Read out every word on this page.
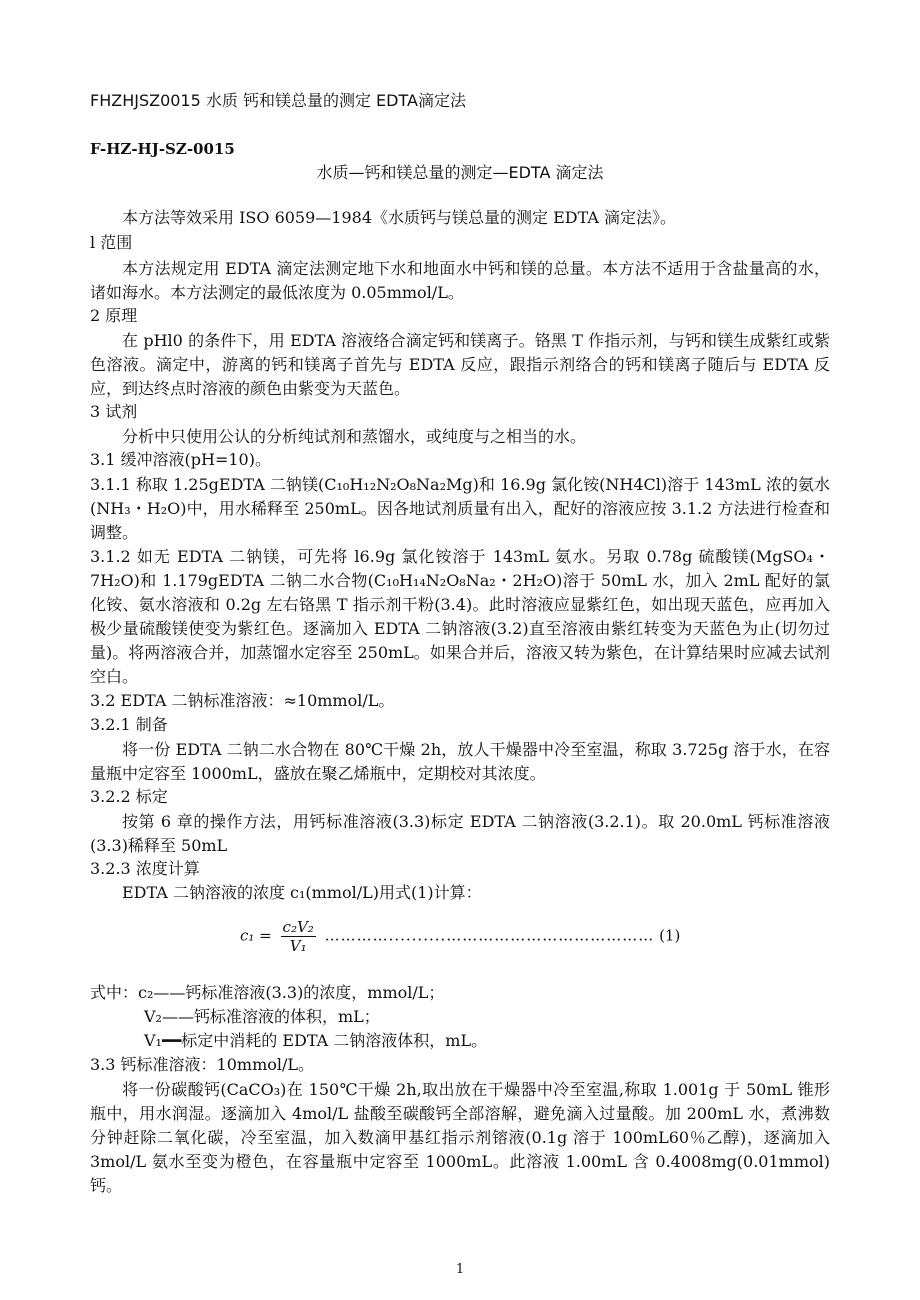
FHZHJSZ0015 水质 钙和镁总量的测定 EDTA滴定法
F-HZ-HJ-SZ-0015
水质—钙和镁总量的测定—EDTA 滴定法
本方法等效采用 ISO 6059—1984《水质钙与镁总量的测定 EDTA 滴定法》。
l 范围
本方法规定用 EDTA 滴定法测定地下水和地面水中钙和镁的总量。本方法不适用于含盐量高的水，诸如海水。本方法测定的最低浓度为 0.05mmol/L。
2 原理
在 pHl0 的条件下，用 EDTA 溶液络合滴定钙和镁离子。铬黑 T 作指示剂，与钙和镁生成紫红或紫色溶液。滴定中，游离的钙和镁离子首先与 EDTA 反应，跟指示剂络合的钙和镁离子随后与 EDTA 反应，到达终点时溶液的颜色由紫变为天蓝色。
3 试剂
分析中只使用公认的分析纯试剂和蒸馏水，或纯度与之相当的水。
3.1 缓冲溶液(pH=10)。
3.1.1 称取 1.25gEDTA 二钠镁(C₁₀H₁₂N₂O₈Na₂Mg)和 16.9g 氯化铵(NH4Cl)溶于 143mL 浓的氨水(NH₃・H₂O)中，用水稀释至 250mL。因各地试剂质量有出入，配好的溶液应按 3.1.2 方法进行检查和调整。
3.1.2 如无 EDTA 二钠镁，可先将 l6.9g 氯化铵溶于 143mL 氨水。另取 0.78g 硫酸镁(MgSO₄・7H₂O)和 1.179gEDTA 二钠二水合物(C₁₀H₁₄N₂O₈Na₂・2H₂O)溶于 50mL 水，加入 2mL 配好的氯化铵、氨水溶液和 0.2g 左右铬黑 T 指示剂干粉(3.4)。此时溶液应显紫红色，如出现天蓝色，应再加入极少量硫酸镁使变为紫红色。逐滴加入 EDTA 二钠溶液(3.2)直至溶液由紫红转变为天蓝色为止(切勿过量)。将两溶液合并，加蒸馏水定容至 250mL。如果合并后，溶液又转为紫色，在计算结果时应减去试剂空白。
3.2 EDTA 二钠标准溶液：≈10mmol/L。
3.2.1 制备
将一份 EDTA 二钠二水合物在 80℃干燥 2h，放人干燥器中冷至室温，称取 3.725g 溶于水，在容量瓶中定容至 1000mL，盛放在聚乙烯瓶中，定期校对其浓度。
3.2.2 标定
按第 6 章的操作方法，用钙标准溶液(3.3)标定 EDTA 二钠溶液(3.2.1)。取 20.0mL 钙标准溶液(3.3)稀释至 50mL
3.2.3 浓度计算
EDTA 二钠溶液的浓度 c₁(mmol/L)用式(1)计算：
$c_1 = \frac{\text{c₂V₂}}{\text{V₁}}$ …………..........………………………………… (1)
式中：c₂——钙标准溶液(3.3)的浓度，mmol/L；
V₂——钙标准溶液的体积，mL；
V₁━━标定中消耗的 EDTA 二钠溶液体积，mL。
3.3 钙标准溶液：10mmol/L。
将一份碳酸钙(CaCO₃)在 150℃干燥 2h,取出放在干燥器中冷至室温,称取 1.001g 于 50mL 锥形瓶中，用水润湿。逐滴加入 4mol/L 盐酸至碳酸钙全部溶解，避免滴入过量酸。加 200mL 水，煮沸数分钟赶除二氧化碳，冷至室温，加入数滴甲基红指示剂镕液(0.1g 溶于 100mL60％乙醇)，逐滴加入 3mol/L 氨水至变为橙色，在容量瓶中定容至 1000mL。此溶液 1.00mL 含 0.4008mg(0.01mmol)钙。
1
